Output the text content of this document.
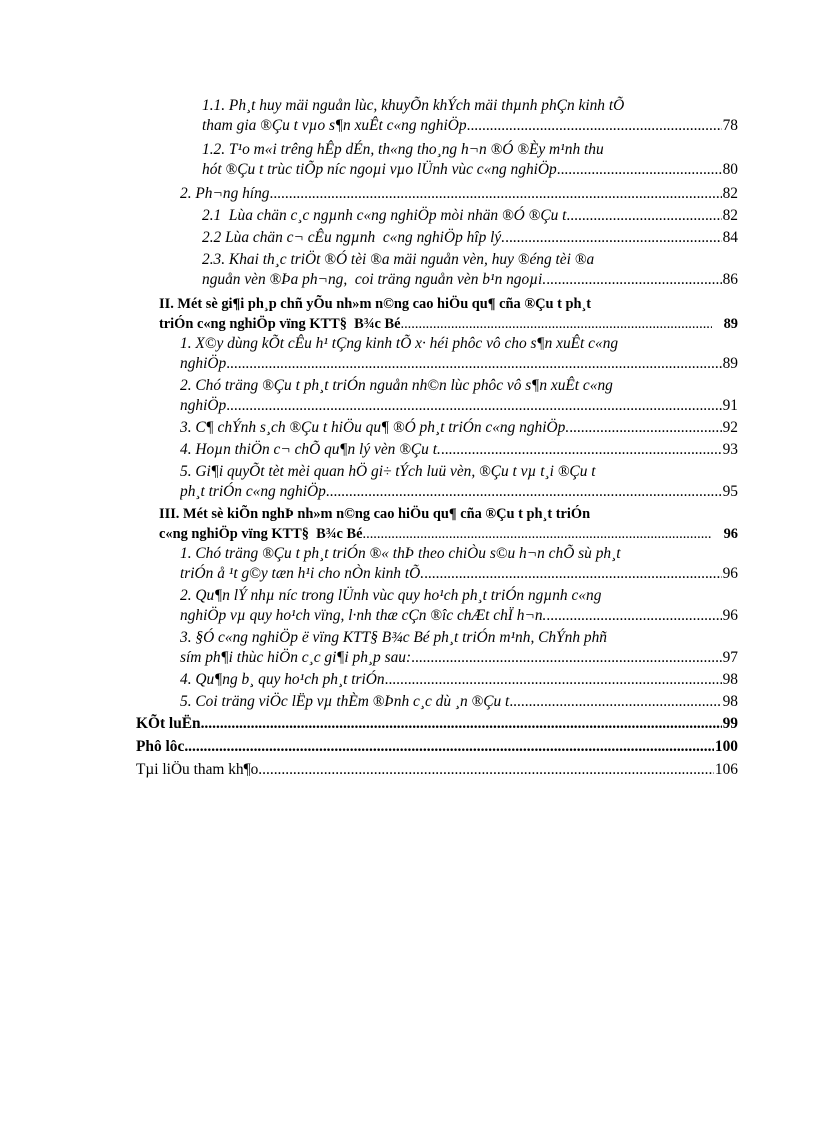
1.1. Ph¸t huy mäi nguån lùc, khuyÕn khÝch mäi thµnh phÇn kinh tÕ
tham gia ®Çu t vµo s¶n xuÊt c«ng nghiÖp .....	78
1.2. T¹o m«i trêng hÊp dÉn, th«ng tho¸ng h¬n ®Ó ®Èy m¹nh thu
hót ®Çu t trùc tiÕp níc ngoµi vµo lÜnh vùc c«ng nghiÖp .....	80
2. Ph¬ng híng .....	82
2.1  Lùa chän c¸c ngµnh c«ng nghiÖp mòi nhän ®Ó ®Çu t .....	82
2.2 Lùa chän c¬ cÊu ngµnh  c«ng nghiÖp hîp lý. .....	84
2.3. Khai th¸c triÖt ®Ó tèi ®a mäi nguån vèn, huy ®éng tèi ®a
nguån vèn ®Þa ph¬ng,  coi träng nguån vèn b¹n ngoµi. .....	86
II. Mét sè gi¶i ph¸p chñ yÕu nh»m n©ng cao hiÖu qu¶ cña ®Çu t ph¸t
triÓn c«ng nghiÖp vïng KTT§  B¾c Bé .....	89
1. X©y dùng kÕt cÊu h¹ tÇng kinh tÕ x· héi phôc vô cho s¶n xuÊt c«ng
nghiÖp .....	89
2. Chó träng ®Çu t ph¸t triÓn nguån nh©n lùc phôc vô s¶n xuÊt c«ng
nghiÖp .....	91
3. C¶ chÝnh s¸ch ®Çu t hiÖu qu¶ ®Ó ph¸t triÓn c«ng nghiÖp. .....	92
4. Hoµn thiÖn c¬ chÕ qu¶n lý vèn ®Çu t. .....	93
5. Gi¶i quyÕt tèt mèi quan hÖ gi÷ tÝch luü vèn, ®Çu t vµ t¸i ®Çu t
ph¸t triÓn c«ng nghiÖp .....	95
III. Mét sè kiÕn nghÞ nh»m n©ng cao hiÖu qu¶ cña ®Çu t ph¸t triÓn
c«ng nghiÖp vïng KTT§  B¾c Bé .....	96
1. Chó träng ®Çu t ph¸t triÓn ®« thÞ theo chiÒu s©u h¬n chÕ sù ph¸t
triÓn å ¹t g©y tæn h¹i cho nÒn kinh tÕ. .....	96
2. Qu¶n lÝ nhµ níc trong lÜnh vùc quy ho¹ch ph¸t triÓn ngµnh c«ng
nghiÖp vµ quy ho¹ch vïng, l·nh thæ cÇn ®îc chÆt chÏ h¬n. .....	96
3. §Ó c«ng nghiÖp ë vïng KTT§ B¾c Bé ph¸t triÓn m¹nh, ChÝnh phñ
sím ph¶i thùc hiÖn c¸c gi¶i ph¸p sau: .....	97
4. Qu¶ng b¸ quy ho¹ch ph¸t triÓn .....	98
5. Coi träng viÖc lËp vµ thÈm ®Þnh c¸c dù ¸n ®Çu t .....	98
KÕt luËn .....	99
Phô lôc .....	100
Tµi liÖu tham kh¶o .....	106
